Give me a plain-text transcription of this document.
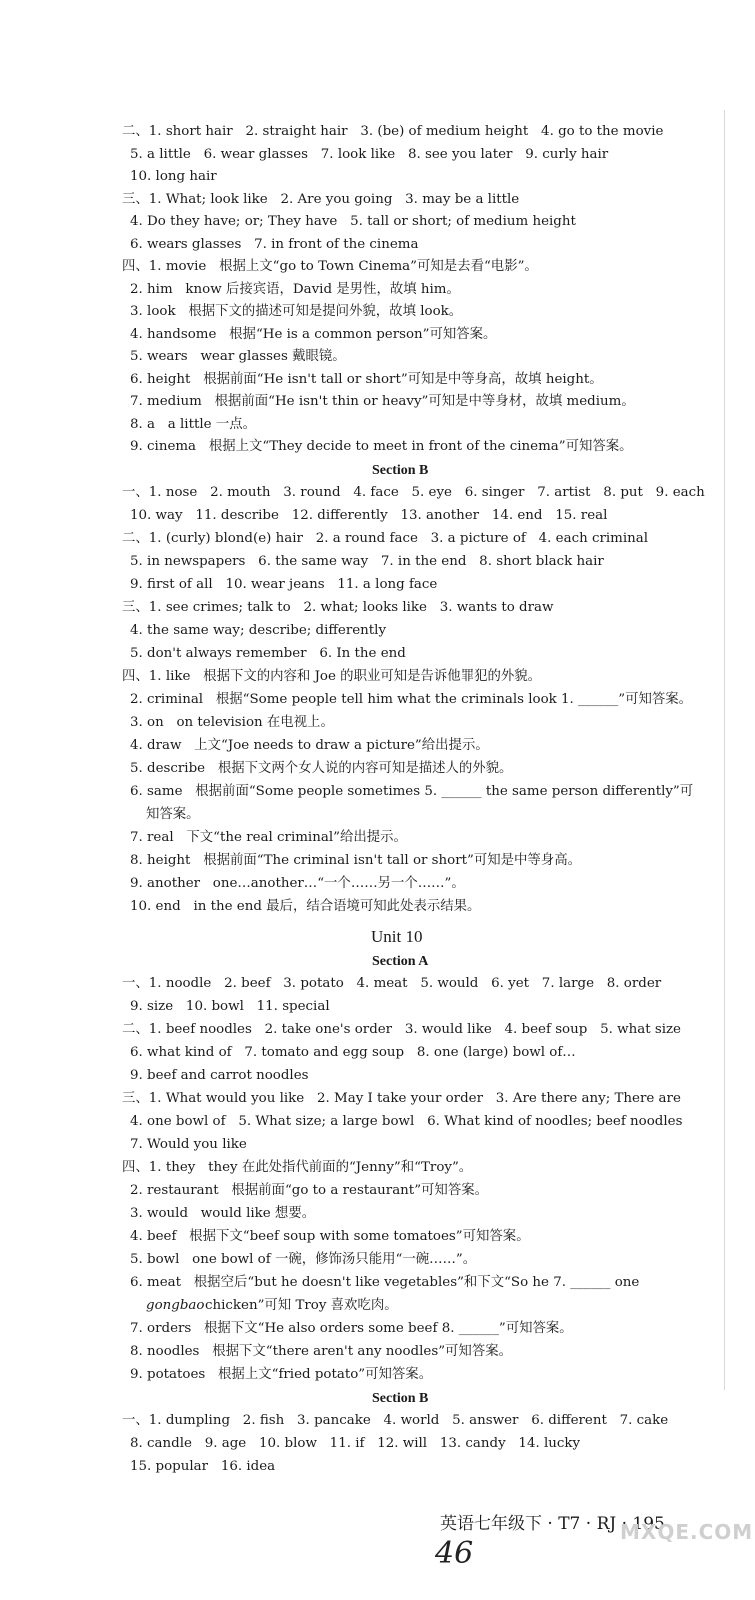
二、1. short hair   2. straight hair   3. (be) of medium height   4. go to the movie
5. a little   6. wear glasses   7. look like   8. see you later   9. curly hair
10. long hair
三、1. What; look like   2. Are you going   3. may be a little
4. Do they have; or; They have   5. tall or short; of medium height
6. wears glasses   7. in front of the cinema
四、1. movie   根据上文“go to Town Cinema”可知是去看“电影”。
2. him   know 后接宾语，David 是男性，故填 him。
3. look   根据下文的描述可知是提问外貌，故填 look。
4. handsome   根据“He is a common person”可知答案。
5. wears   wear glasses 戴眼镜。
6. height   根据前面“He isn't tall or short”可知是中等身高，故填 height。
7. medium   根据前面“He isn't thin or heavy”可知是中等身材，故填 medium。
8. a   a little 一点。
9. cinema   根据上文“They decide to meet in front of the cinema”可知答案。
一、1. nose   2. mouth   3. round   4. face   5. eye   6. singer   7. artist   8. put   9. each
10. way   11. describe   12. differently   13. another   14. end   15. real
二、1. (curly) blond(e) hair   2. a round face   3. a picture of   4. each criminal
5. in newspapers   6. the same way   7. in the end   8. short black hair
9. first of all   10. wear jeans   11. a long face
三、1. see crimes; talk to   2. what; looks like   3. wants to draw
4. the same way; describe; differently
5. don't always remember   6. In the end
四、1. like   根据下文的内容和 Joe 的职业可知是告诉他罪犯的外貌。
2. criminal   根据“Some people tell him what the criminals look 1. ______”可知答案。
3. on   on television 在电视上。
4. draw   上文“Joe needs to draw a picture”给出提示。
5. describe   根据下文两个女人说的内容可知是描述人的外貌。
6. same   根据前面“Some people sometimes 5. ______ the same person differently”可
知答案。
7. real   下文“the real criminal”给出提示。
8. height   根据前面“The criminal isn't tall or short”可知是中等身高。
9. another   one…another…“一个……另一个……”。
10. end   in the end 最后，结合语境可知此处表示结果。
一、1. noodle   2. beef   3. potato   4. meat   5. would   6. yet   7. large   8. order
9. size   10. bowl   11. special
二、1. beef noodles   2. take one's order   3. would like   4. beef soup   5. what size
6. what kind of   7. tomato and egg soup   8. one (large) bowl of…
9. beef and carrot noodles
三、1. What would you like   2. May I take your order   3. Are there any; There are
4. one bowl of   5. What size; a large bowl   6. What kind of noodles; beef noodles
7. Would you like
四、1. they   they 在此处指代前面的“Jenny”和“Troy”。
2. restaurant   根据前面“go to a restaurant”可知答案。
3. would   would like 想要。
4. beef   根据下文“beef soup with some tomatoes”可知答案。
5. bowl   one bowl of 一碗，修饰汤只能用“一碗……”。
6. meat   根据空后“but he doesn't like vegetables”和下文“So he 7. ______ one
chicken”可知 Troy 喜欢吃肉。
7. orders   根据下文“He also orders some beef 8. ______”可知答案。
8. noodles   根据下文“there aren't any noodles”可知答案。
9. potatoes   根据上文“fried potato”可知答案。
一、1. dumpling   2. fish   3. pancake   4. world   5. answer   6. different   7. cake
8. candle   9. age   10. blow   11. if   12. will   13. candy   14. lucky
15. popular   16. idea
gongbao
Section B
Section A
Section B
Unit 10
英语七年级下 · T7 · RJ · 195
46
MXQE.COM
